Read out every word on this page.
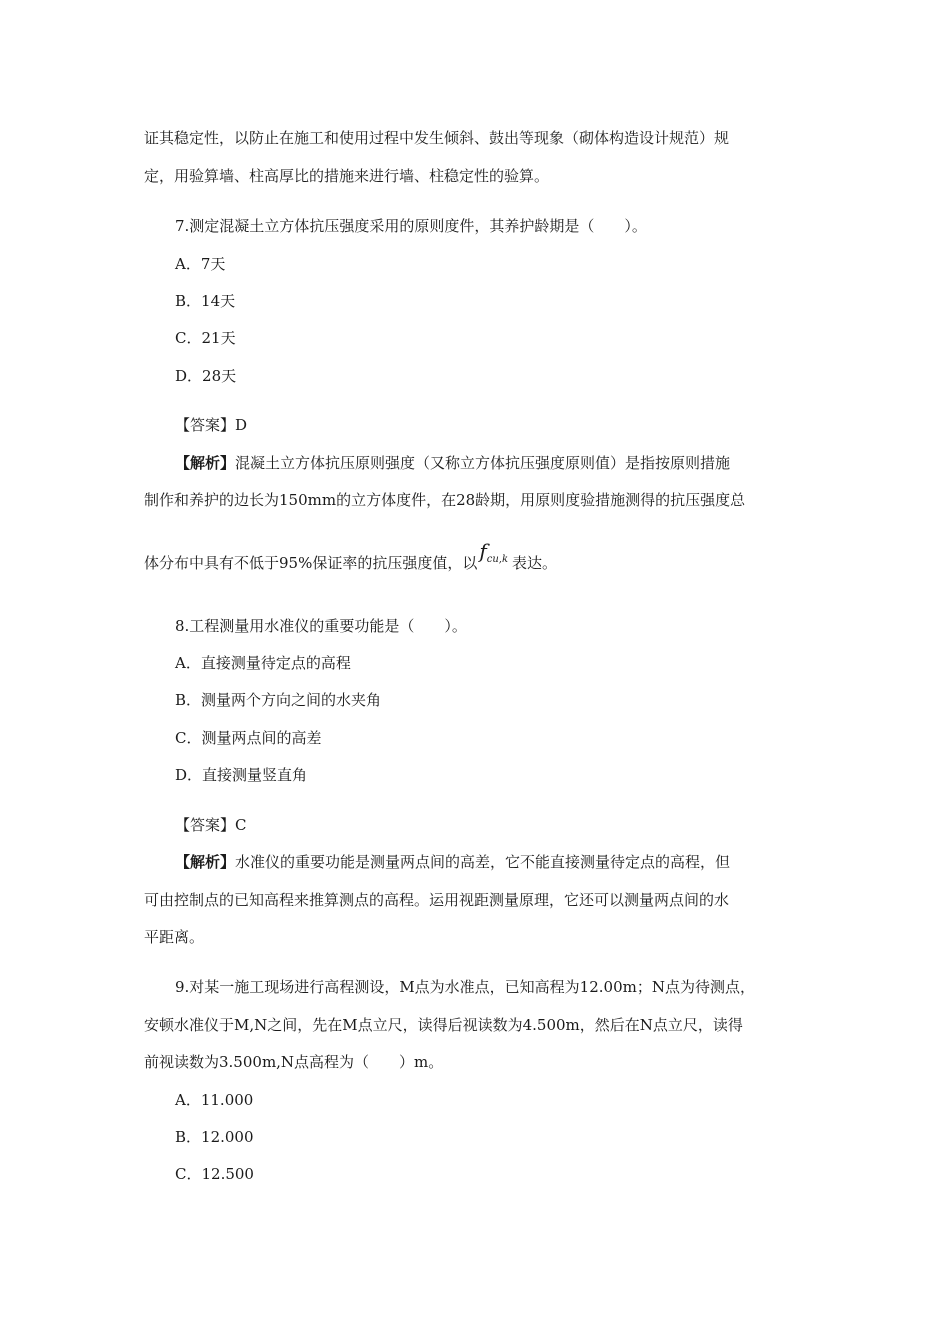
证其稳定性，以防止在施工和使用过程中发生倾斜、鼓出等现象（砌体构造设计规范）规
定，用验算墙、柱高厚比的措施来进行墙、柱稳定性的验算。
7.测定混凝土立方体抗压强度采用的原则度件，其养护龄期是（　　）。
A．7天
B．14天
C．21天
D．28天
【答案】D
【解析】混凝土立方体抗压原则强度（又称立方体抗压强度原则值）是指按原则措施
制作和养护的边长为150mm的立方体度件，在28龄期，用原则度验措施测得的抗压强度总
体分布中具有不低于95%保证率的抗压强度值，以 $f^{cu,k}$ 表达。
8.工程测量用水准仪的重要功能是（　　）。
A．直接测量待定点的高程
B．测量两个方向之间的水夹角
C．测量两点间的高差
D．直接测量竖直角
【答案】C
【解析】水准仪的重要功能是测量两点间的高差，它不能直接测量待定点的高程，但
可由控制点的已知高程来推算测点的高程。运用视距测量原理，它还可以测量两点间的水
平距离。
9.对某一施工现场进行高程测设，M点为水准点，已知高程为12.00m；N点为待测点，
安顿水准仪于M,N之间，先在M点立尺，读得后视读数为4.500m，然后在N点立尺，读得
前视读数为3.500m,N点高程为（　　）m。
A．11.000
B．12.000
C．12.500
